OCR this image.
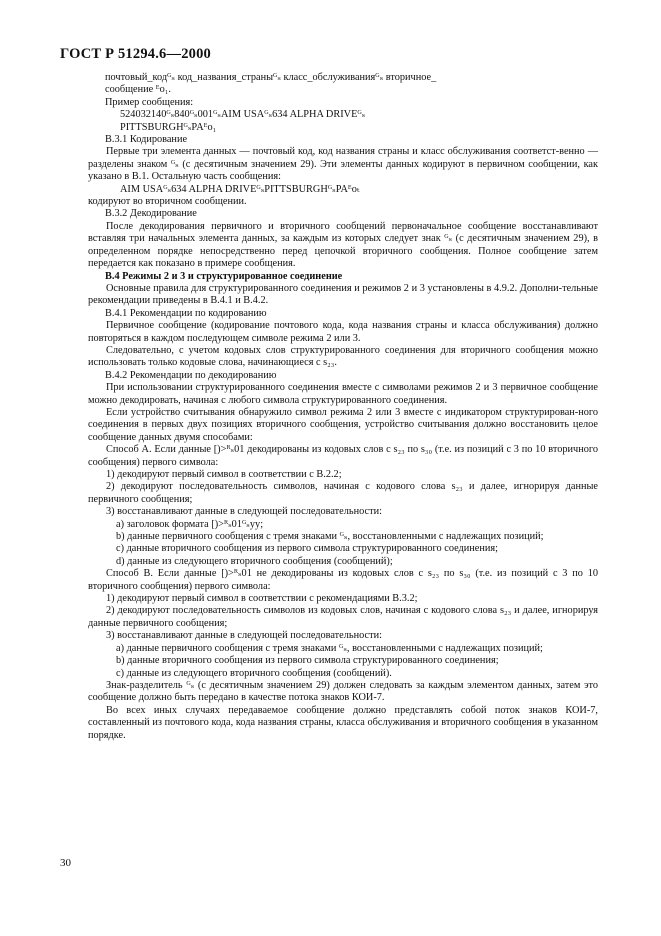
ГОСТ Р 51294.6—2000

почтовый_кодᴳₛ код_названия_страныᴳₛ класс_обслуживанияᴳₛ вторичное_

сообщение ᴱo₁.

Пример сообщения:

524032140ᴳₛ840ᴳₛ001ᴳₛAIM USAᴳₛ634 ALPHA DRIVEᴳₛ

PITTSBURGHᴳₛPAᴱo₁

B.3.1 Кодирование

Первые три элемента данных — почтовый код, код названия страны и класс обслуживания соответст-венно — разделены знаком ᴳₛ (с десятичным значением 29). Эти элементы данных кодируют в первичном сообщении, как указано в В.1. Остальную часть сообщения:

AIM USAᴳₛ634 ALPHA DRIVEᴳₛPITTSBURGHᴳₛPAᴱoₜ

кодируют во вторичном сообщении.

B.3.2 Декодирование

После декодирования первичного и вторичного сообщений первоначальное сообщение восстанавливают вставляя три начальных элемента данных, за каждым из которых следует знак ᴳₛ (с десятичным значением 29), в определенном порядке непосредственно перед цепочкой вторичного сообщения. Полное сообщение затем передается как показано в примере сообщения.

B.4 Режимы 2 и 3 и структурированное соединение

Основные правила для структурированного соединения и режимов 2 и 3 установлены в 4.9.2. Дополни-тельные рекомендации приведены в B.4.1 и B.4.2.

B.4.1 Рекомендации по кодированию

Первичное сообщение (кодирование почтового кода, кода названия страны и класса обслуживания) должно повторяться в каждом последующем символе режима 2 или 3.

Следовательно, с учетом кодовых слов структурированного соединения для вторичного сообщения можно использовать только кодовые слова, начинающиеся с s₂₃.

B.4.2 Рекомендации по декодированию

При использовании структурированного соединения вместе с символами режимов 2 и 3 первичное сообщение можно декодировать, начиная с любого символа структурированного соединения.

Если устройство считывания обнаружило символ режима 2 или 3 вместе с индикатором структурирован-ного соединения в первых двух позициях вторичного сообщения, устройство считывания должно восстановить целое сообщение данных двумя способами:

Способ А. Если данные [)>ᴿₛ01 декодированы из кодовых слов с s₂₃ по s₃₀ (т.е. из позиций с 3 по 10 вторичного сообщения) первого символа:

1) декодируют первый символ в соответствии с В.2.2;

2) декодируют последовательность символов, начиная с кодового слова s₂₃ и далее, игнорируя данные первичного сообщения;

3) восстанавливают данные в следующей последовательности:

a) заголовок формата [)>ᴿₛ01ᴳₛyy;

b) данные первичного сообщения с тремя знаками ᴳₛ, восстановленными с надлежащих позиций;

c) данные вторичного сообщения из первого символа структурированного соединения;

d) данные из следующего вторичного сообщения (сообщений);

Способ В. Если данные [)>ᴿₛ01 не декодированы из кодовых слов с s₂₃ по s₃₀ (т.е. из позиций с 3 по 10 вторичного сообщения) первого символа:

1) декодируют первый символ в соответствии с рекомендациями В.3.2;

2) декодируют последовательность символов из кодовых слов, начиная с кодового слова s₂₃ и далее, игнорируя данные первичного сообщения;

3) восстанавливают данные в следующей последовательности:

a) данные первичного сообщения с тремя знаками ᴳₛ, восстановленными с надлежащих позиций;

b) данные вторичного сообщения из первого символа структурированного соединения;

c) данные из следующего вторичного сообщения (сообщений).

Знак-разделитель ᴳₛ (с десятичным значением 29) должен следовать за каждым элементом данных, затем это сообщение должно быть передано в качестве потока знаков КОИ-7.

Во всех иных случаях передаваемое сообщение должно представлять собой поток знаков КОИ-7, составленный из почтового кода, кода названия страны, класса обслуживания и вторичного сообщения в указанном порядке.

30
